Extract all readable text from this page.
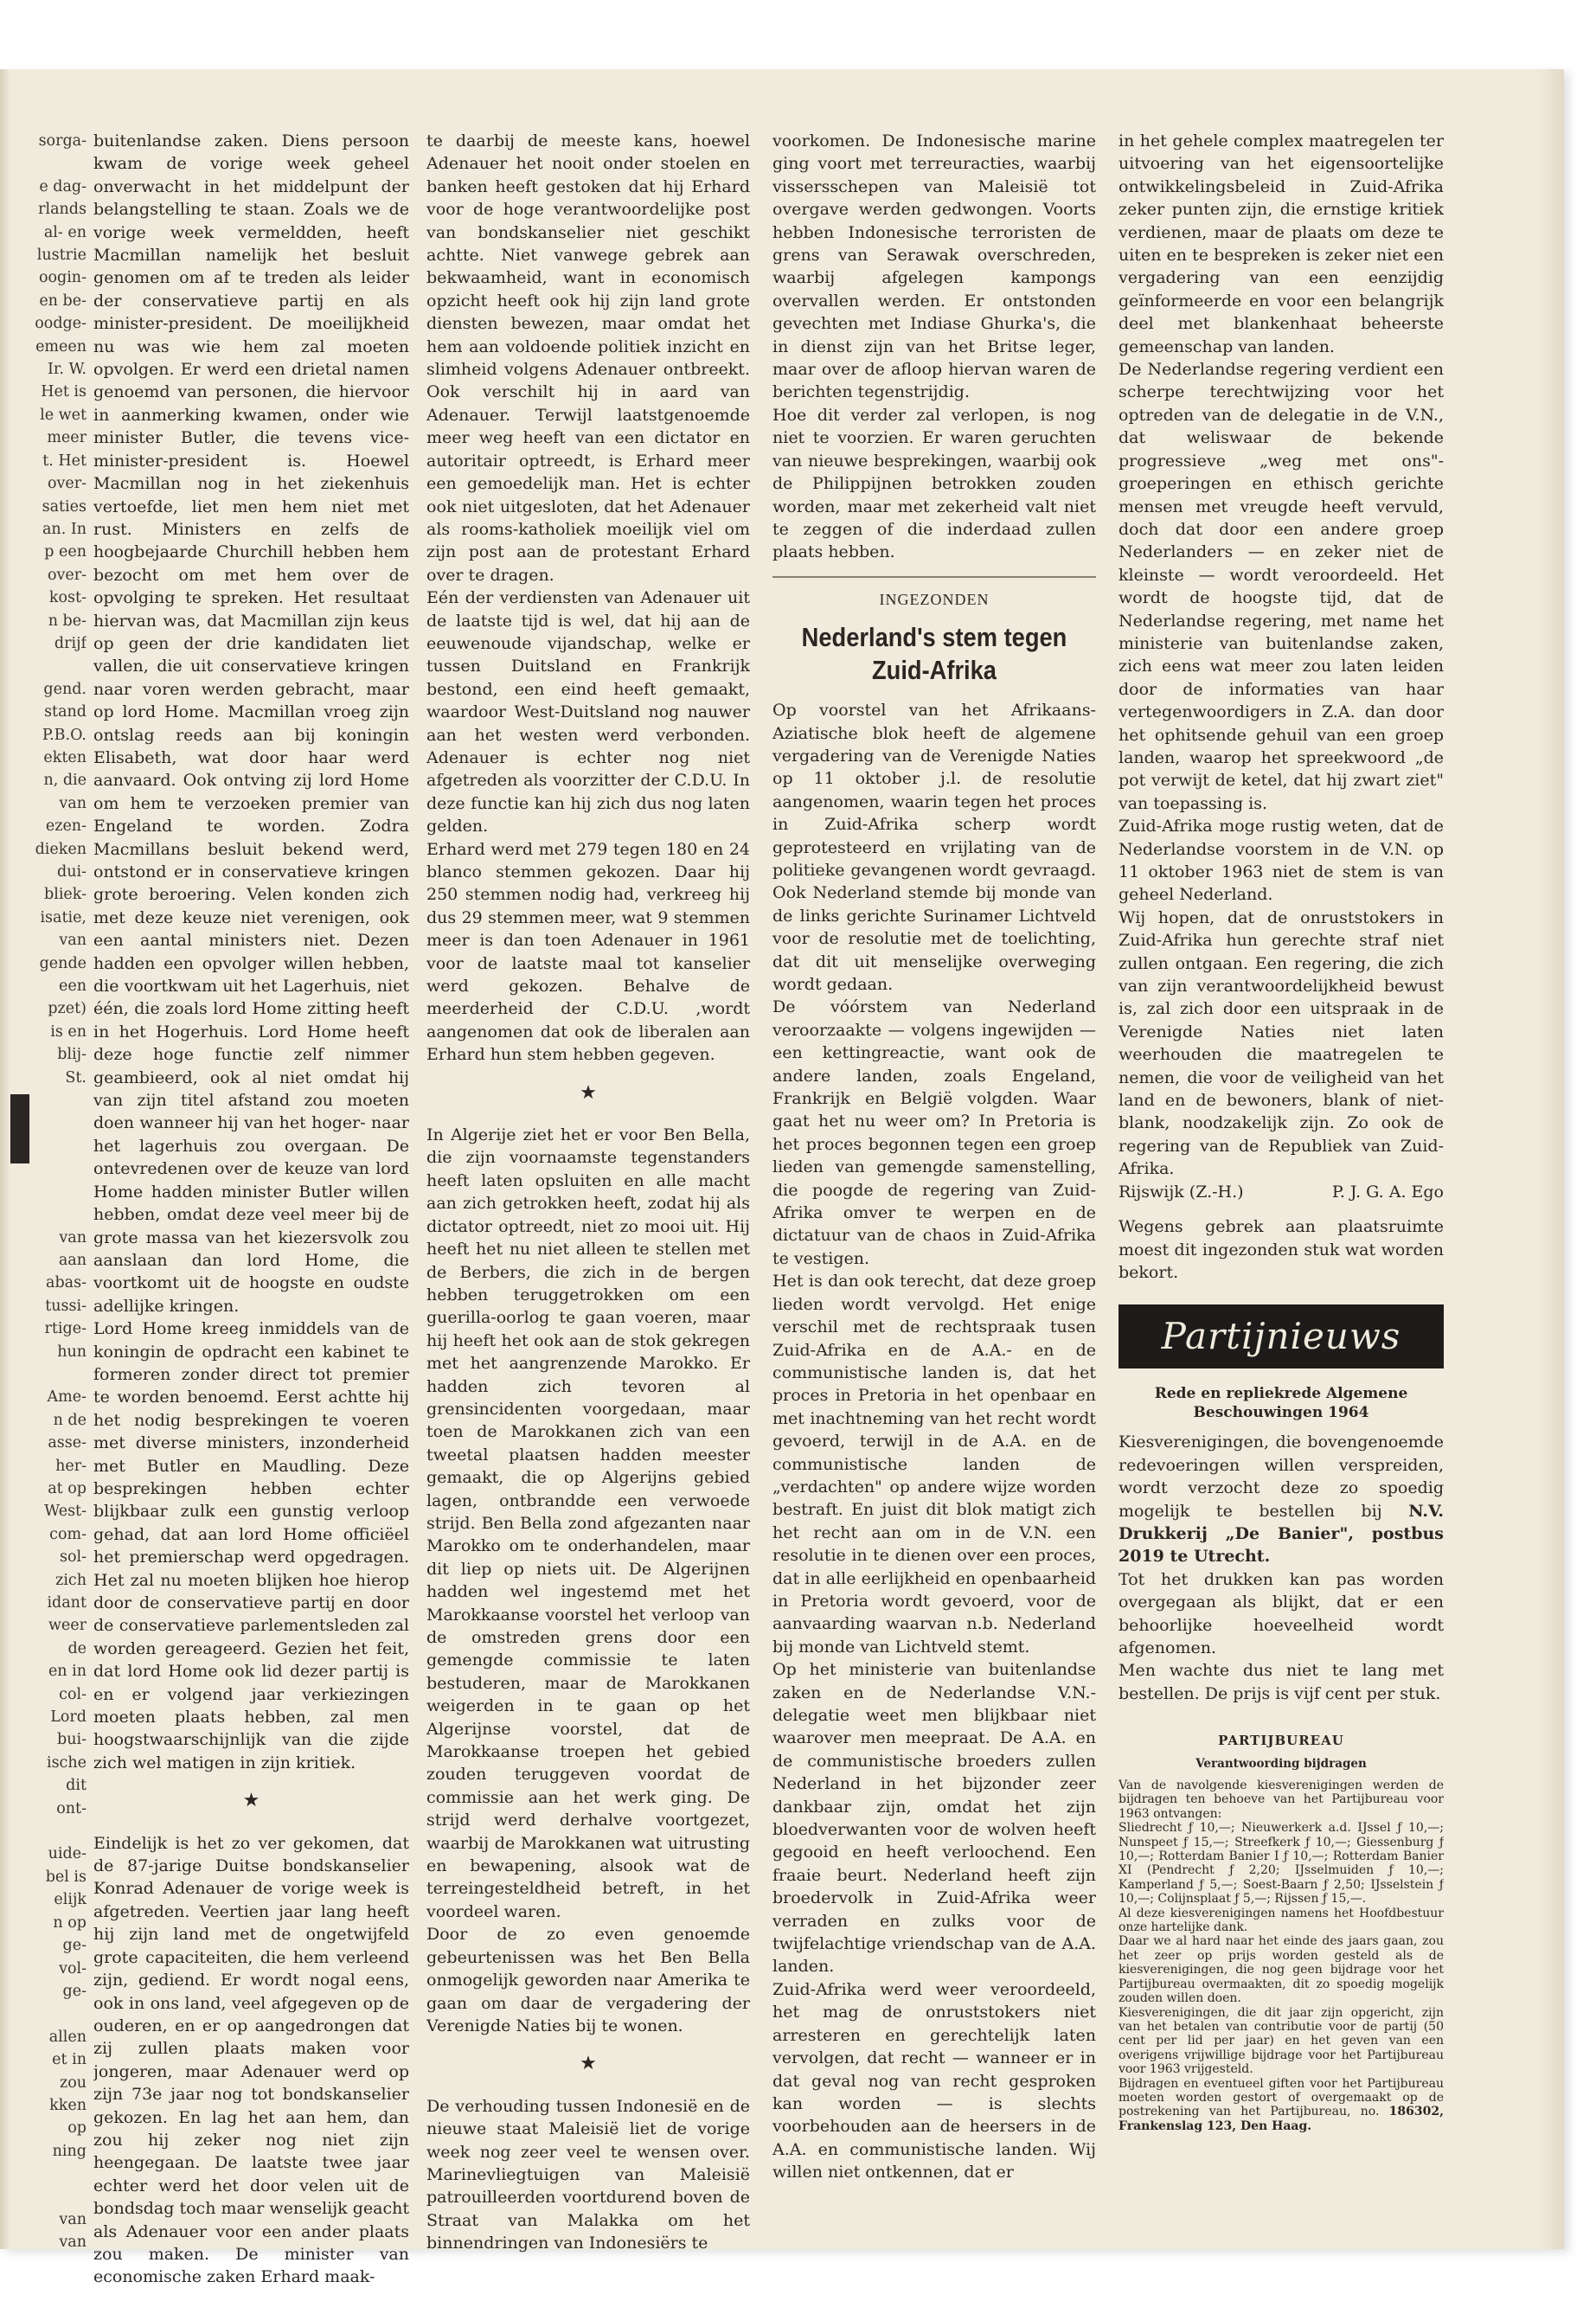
sorga-

e dag-

rlands

al- en

lustrie

oogin-

en be-

oodge-

emeen

Ir. W.

Het is

le wet

meer

t. Het

over-

saties

an. In

p een

over-

kost-

n be-

drijf

gend.

stand

P.B.O.

ekten

n, die

van

ezen-

dieken

dui-

bliek-

isatie,

van

gende

een

pzet)

is en

blij-

St.

van

aan

abas-

tussi-

rtige-

hun

Ame-

n de

asse-

her-

at op

West-

com-

sol-

zich

idant

weer

de

en in

col-

Lord

bui-

ische

dit

ont-

uide-

bel is

elijk

n op

ge-

vol-

ge-

allen

et in

zou

kken

op

ning

van

van

buitenlandse zaken. Diens persoon kwam de vorige week geheel onverwacht in het middelpunt der belangstelling te staan. Zoals we de vorige week vermeldden, heeft Macmillan namelijk het besluit genomen om af te treden als leider der conservatieve partij en als minister-president. De moeilijkheid nu was wie hem zal moeten opvolgen. Er werd een drietal namen genoemd van personen, die hiervoor in aanmerking kwamen, onder wie minister Butler, die tevens vice-minister-president is. Hoewel Macmillan nog in het ziekenhuis vertoefde, liet men hem niet met rust. Ministers en zelfs de hoogbejaarde Churchill hebben hem bezocht om met hem over de opvolging te spreken. Het resultaat hiervan was, dat Macmillan zijn keus op geen der drie kandidaten liet vallen, die uit conservatieve kringen naar voren werden gebracht, maar op lord Home. Macmillan vroeg zijn ontslag reeds aan bij koningin Elisabeth, wat door haar werd aanvaard. Ook ontving zij lord Home om hem te verzoeken premier van Engeland te worden. Zodra Macmillans besluit bekend werd, ontstond er in conservatieve kringen grote beroering. Velen konden zich met deze keuze niet verenigen, ook een aantal ministers niet. Dezen hadden een opvolger willen hebben, die voortkwam uit het Lagerhuis, niet één, die zoals lord Home zitting heeft in het Hogerhuis. Lord Home heeft deze hoge functie zelf nimmer geambieerd, ook al niet omdat hij van zijn titel afstand zou moeten doen wanneer hij van het hoger- naar het lagerhuis zou overgaan. De ontevredenen over de keuze van lord Home hadden minister Butler willen hebben, omdat deze veel meer bij de grote massa van het kiezersvolk zou aanslaan dan lord Home, die voortkomt uit de hoogste en oudste adellijke kringen.

Lord Home kreeg inmiddels van de koningin de opdracht een kabinet te formeren zonder direct tot premier te worden benoemd. Eerst achtte hij het nodig besprekingen te voeren met diverse ministers, inzonderheid met Butler en Maudling. Deze besprekingen hebben echter blijkbaar zulk een gunstig verloop gehad, dat aan lord Home officiëel het premierschap werd opgedragen. Het zal nu moeten blijken hoe hierop door de conservatieve partij en door de conservatieve parlementsleden zal worden gereageerd. Gezien het feit, dat lord Home ook lid dezer partij is en er volgend jaar verkiezingen moeten plaats hebben, zal men hoogstwaarschijnlijk van die zijde zich wel matigen in zijn kritiek.

★

Eindelijk is het zo ver gekomen, dat de 87-jarige Duitse bondskanselier Konrad Adenauer de vorige week is afgetreden. Veertien jaar lang heeft hij zijn land met de ongetwijfeld grote capaciteiten, die hem verleend zijn, gediend. Er wordt nogal eens, ook in ons land, veel afgegeven op de ouderen, en er op aangedrongen dat zij zullen plaats maken voor jongeren, maar Adenauer werd op zijn 73e jaar nog tot bondskanselier gekozen. En lag het aan hem, dan zou hij zeker nog niet zijn heengegaan. De laatste twee jaar echter werd het door velen uit de bondsdag toch maar wenselijk geacht als Adenauer voor een ander plaats zou maken. De minister van economische zaken Erhard maak-

te daarbij de meeste kans, hoewel Adenauer het nooit onder stoelen en banken heeft gestoken dat hij Erhard voor de hoge verantwoordelijke post van bondskanselier niet geschikt achtte. Niet vanwege gebrek aan bekwaamheid, want in economisch opzicht heeft ook hij zijn land grote diensten bewezen, maar omdat het hem aan voldoende politiek inzicht en slimheid volgens Adenauer ontbreekt. Ook verschilt hij in aard van Adenauer. Terwijl laatstgenoemde meer weg heeft van een dictator en autoritair optreedt, is Erhard meer een gemoedelijk man. Het is echter ook niet uitgesloten, dat het Adenauer als rooms-katholiek moeilijk viel om zijn post aan de protestant Erhard over te dragen.

Eén der verdiensten van Adenauer uit de laatste tijd is wel, dat hij aan de eeuwenoude vijandschap, welke er tussen Duitsland en Frankrijk bestond, een eind heeft gemaakt, waardoor West-Duitsland nog nauwer aan het westen werd verbonden. Adenauer is echter nog niet afgetreden als voorzitter der C.D.U. In deze functie kan hij zich dus nog laten gelden.

Erhard werd met 279 tegen 180 en 24 blanco stemmen gekozen. Daar hij 250 stemmen nodig had, verkreeg hij dus 29 stemmen meer, wat 9 stemmen meer is dan toen Adenauer in 1961 voor de laatste maal tot kanselier werd gekozen. Behalve de meerderheid der C.D.U. ,wordt aangenomen dat ook de liberalen aan Erhard hun stem hebben gegeven.

★

In Algerije ziet het er voor Ben Bella, die zijn voornaamste tegenstanders heeft laten opsluiten en alle macht aan zich getrokken heeft, zodat hij als dictator optreedt, niet zo mooi uit. Hij heeft het nu niet alleen te stellen met de Berbers, die zich in de bergen hebben teruggetrokken om een guerilla-oorlog te gaan voeren, maar hij heeft het ook aan de stok gekregen met het aangrenzende Marokko. Er hadden zich tevoren al grensincidenten voorgedaan, maar toen de Marokkanen zich van een tweetal plaatsen hadden meester gemaakt, die op Algerijns gebied lagen, ontbrandde een verwoede strijd. Ben Bella zond afgezanten naar Marokko om te onderhandelen, maar dit liep op niets uit. De Algerijnen hadden wel ingestemd met het Marokkaanse voorstel het verloop van de omstreden grens door een gemengde commissie te laten bestuderen, maar de Marokkanen weigerden in te gaan op het Algerijnse voorstel, dat de Marokkaanse troepen het gebied zouden teruggeven voordat de commissie aan het werk ging. De strijd werd derhalve voortgezet, waarbij de Marokkanen wat uitrusting en bewapening, alsook wat de terreingesteldheid betreft, in het voordeel waren.

Door de zo even genoemde gebeurtenissen was het Ben Bella onmogelijk geworden naar Amerika te gaan om daar de vergadering der Verenigde Naties bij te wonen.

★

De verhouding tussen Indonesië en de nieuwe staat Maleisië liet de vorige week nog zeer veel te wensen over. Marinevliegtuigen van Maleisië patrouilleerden voortdurend boven de Straat van Malakka om het binnendringen van Indonesiërs te

voorkomen. De Indonesische marine ging voort met terreuracties, waarbij vissersschepen van Maleisië tot overgave werden gedwongen. Voorts hebben Indonesische terroristen de grens van Serawak overschreden, waarbij afgelegen kampongs overvallen werden. Er ontstonden gevechten met Indiase Ghurka's, die in dienst zijn van het Britse leger, maar over de afloop hiervan waren de berichten tegenstrijdig.

Hoe dit verder zal verlopen, is nog niet te voorzien. Er waren geruchten van nieuwe besprekingen, waarbij ook de Philippijnen betrokken zouden worden, maar met zekerheid valt niet te zeggen of die inderdaad zullen plaats hebben.

INGEZONDEN
Nederland's stem tegen Zuid-Afrika

Op voorstel van het Afrikaans-Aziatische blok heeft de algemene vergadering van de Verenigde Naties op 11 oktober j.l. de resolutie aangenomen, waarin tegen het proces in Zuid-Afrika scherp wordt geprotesteerd en vrijlating van de politieke gevangenen wordt gevraagd. Ook Nederland stemde bij monde van de links gerichte Surinamer Lichtveld voor de resolutie met de toelichting, dat dit uit menselijke overweging wordt gedaan.

De vóórstem van Nederland veroorzaakte — volgens ingewijden — een kettingreactie, want ook de andere landen, zoals Engeland, Frankrijk en België volgden. Waar gaat het nu weer om? In Pretoria is het proces begonnen tegen een groep lieden van gemengde samenstelling, die poogde de regering van Zuid-Afrika omver te werpen en de dictatuur van de chaos in Zuid-Afrika te vestigen.

Het is dan ook terecht, dat deze groep lieden wordt vervolgd. Het enige verschil met de rechtspraak tusen Zuid-Afrika en de A.A.- en de communistische landen is, dat het proces in Pretoria in het openbaar en met inachtneming van het recht wordt gevoerd, terwijl in de A.A. en de communistische landen de „verdachten" op andere wijze worden bestraft. En juist dit blok matigt zich het recht aan om in de V.N. een resolutie in te dienen over een proces, dat in alle eerlijkheid en openbaarheid in Pretoria wordt gevoerd, voor de aanvaarding waarvan n.b. Nederland bij monde van Lichtveld stemt.

Op het ministerie van buitenlandse zaken en de Nederlandse V.N.-delegatie weet men blijkbaar niet waarover men meepraat. De A.A. en de communistische broeders zullen Nederland in het bijzonder zeer dankbaar zijn, omdat het zijn bloedverwanten voor de wolven heeft gegooid en heeft verloochend. Een fraaie beurt. Nederland heeft zijn broedervolk in Zuid-Afrika weer verraden en zulks voor de twijfelachtige vriendschap van de A.A. landen.

Zuid-Afrika werd weer veroordeeld, het mag de onruststokers niet arresteren en gerechtelijk laten vervolgen, dat recht — wanneer er in dat geval nog van recht gesproken kan worden — is slechts voorbehouden aan de heersers in de A.A. en communistische landen. Wij willen niet ontkennen, dat er

in het gehele complex maatregelen ter uitvoering van het eigensoortelijke ontwikkelingsbeleid in Zuid-Afrika zeker punten zijn, die ernstige kritiek verdienen, maar de plaats om deze te uiten en te bespreken is zeker niet een vergadering van een eenzijdig geïnformeerde en voor een belangrijk deel met blankenhaat beheerste gemeenschap van landen.

De Nederlandse regering verdient een scherpe terechtwijzing voor het optreden van de delegatie in de V.N., dat weliswaar de bekende progressieve „weg met ons"-groeperingen en ethisch gerichte mensen met vreugde heeft vervuld, doch dat door een andere groep Nederlanders — en zeker niet de kleinste — wordt veroordeeld. Het wordt de hoogste tijd, dat de Nederlandse regering, met name het ministerie van buitenlandse zaken, zich eens wat meer zou laten leiden door de informaties van haar vertegenwoordigers in Z.A. dan door het ophitsende gehuil van een groep landen, waarop het spreekwoord „de pot verwijt de ketel, dat hij zwart ziet" van toepassing is.

Zuid-Afrika moge rustig weten, dat de Nederlandse voorstem in de V.N. op 11 oktober 1963 niet de stem is van geheel Nederland.

Wij hopen, dat de onruststokers in Zuid-Afrika hun gerechte straf niet zullen ontgaan. Een regering, die zich van zijn verantwoordelijkheid bewust is, zal zich door een uitspraak in de Verenigde Naties niet laten weerhouden die maatregelen te nemen, die voor de veiligheid van het land en de bewoners, blank of niet-blank, noodzakelijk zijn. Zo ook de regering van de Republiek van Zuid-Afrika.

Rijswijk (Z.-H.)	P. J. G. A. Ego

Wegens gebrek aan plaatsruimte moest dit ingezonden stuk wat worden bekort.

Partijnieuws
Rede en repliekrede Algemene Beschouwingen 1964

Kiesverenigingen, die bovengenoemde redevoeringen willen verspreiden, wordt verzocht deze zo spoedig mogelijk te bestellen bij N.V. Drukkerij „De Banier", postbus 2019 te Utrecht.

Tot het drukken kan pas worden overgegaan als blijkt, dat er een behoorlijke hoeveelheid wordt afgenomen.

Men wachte dus niet te lang met bestellen. De prijs is vijf cent per stuk.

PARTIJBUREAU
Verantwoording bijdragen

Van de navolgende kiesverenigingen werden de bijdragen ten behoeve van het Partijbureau voor 1963 ontvangen:

Sliedrecht ƒ 10,—; Nieuwerkerk a.d. IJssel ƒ 10,—; Nunspeet ƒ 15,—; Streefkerk ƒ 10,—; Giessenburg ƒ 10,—; Rotterdam Banier I ƒ 10,—; Rotterdam Banier XI (Pendrecht ƒ 2,20; IJsselmuiden ƒ 10,—; Kamperland ƒ 5,—; Soest-Baarn ƒ 2,50; IJsselstein ƒ 10,—; Colijnsplaat ƒ 5,—; Rijssen ƒ 15,—.

Al deze kiesverenigingen namens het Hoofdbestuur onze hartelijke dank.

Daar we al hard naar het einde des jaars gaan, zou het zeer op prijs worden gesteld als de kiesverenigingen, die nog geen bijdrage voor het Partijbureau overmaakten, dit zo spoedig mogelijk zouden willen doen.

Kiesverenigingen, die dit jaar zijn opgericht, zijn van het betalen van contributie voor de partij (50 cent per lid per jaar) en het geven van een overigens vrijwillige bijdrage voor het Partijbureau voor 1963 vrijgesteld.

Bijdragen en eventueel giften voor het Partijbureau moeten worden gestort of overgemaakt op de postrekening van het Partijbureau, no. 186302, Frankenslag 123, Den Haag.
